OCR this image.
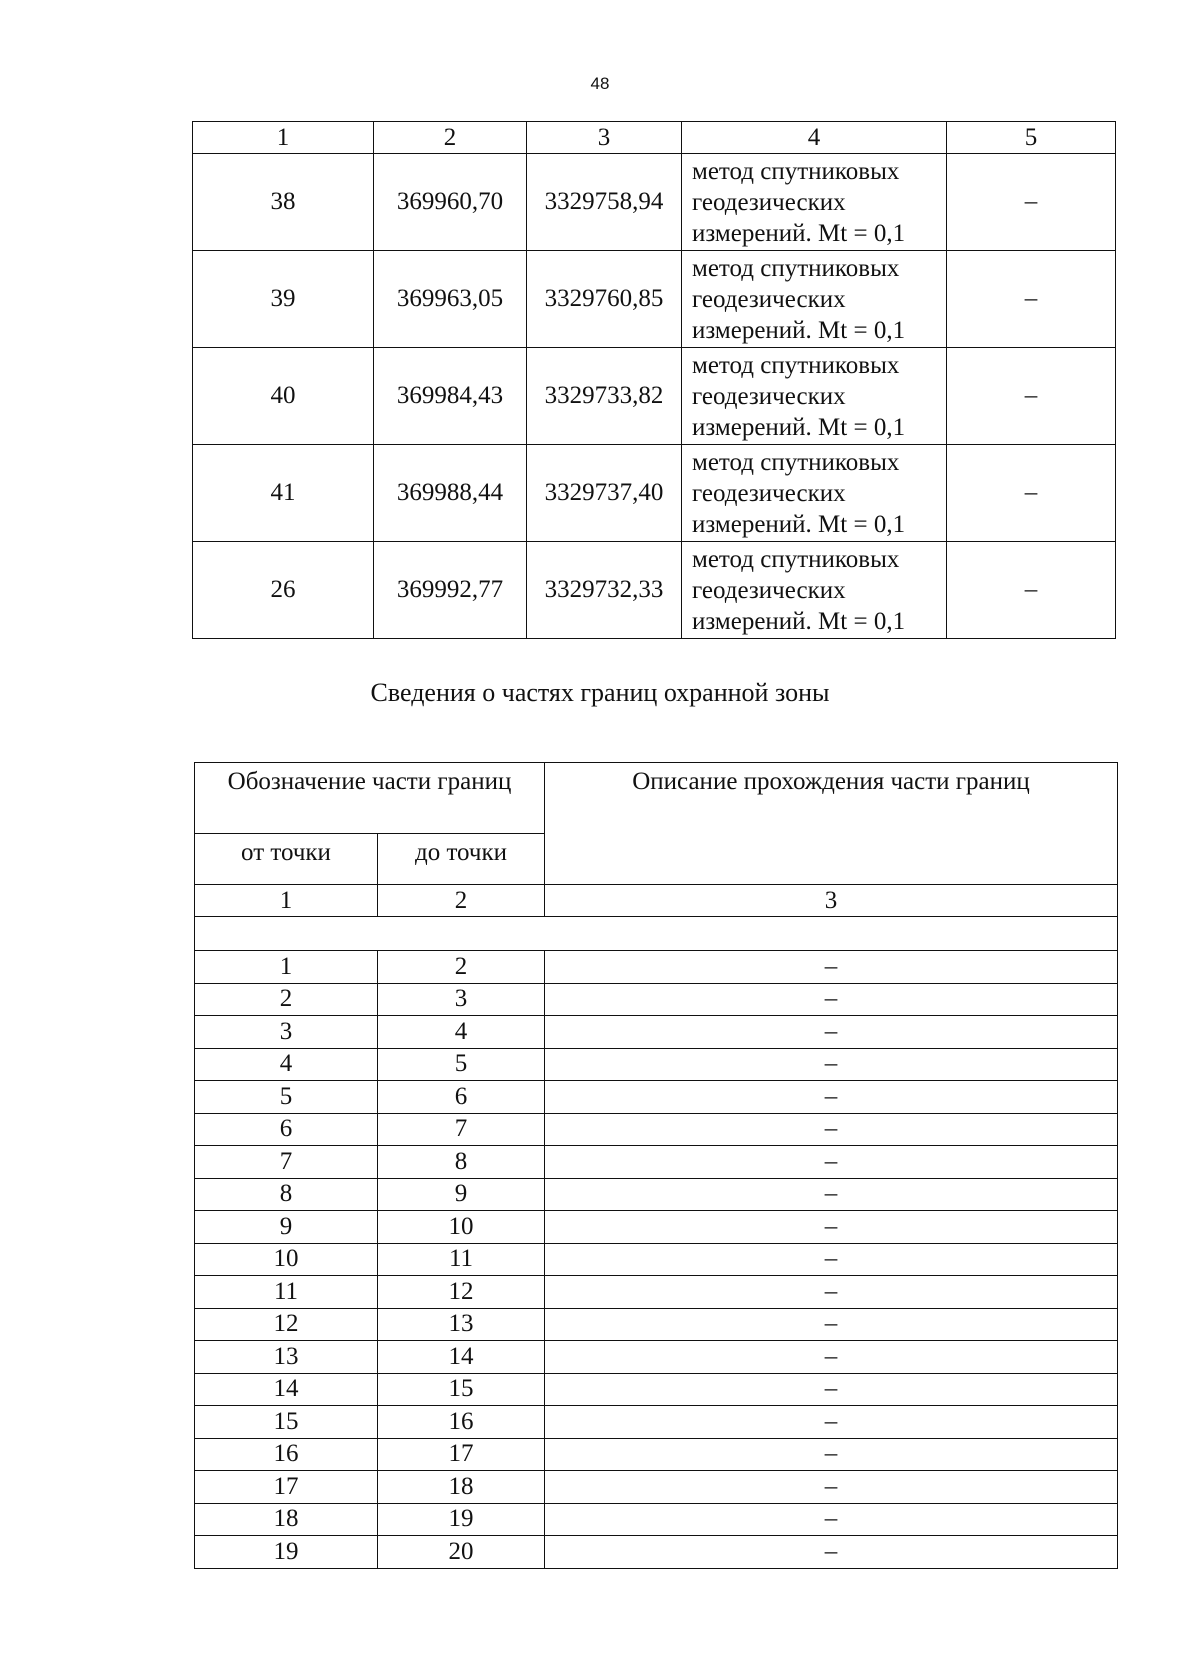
48
1	2	3	4	5
38	369960,70	3329758,94	метод спутниковых
геодезических
измерений. Mt = 0,1	–
39	369963,05	3329760,85	метод спутниковых
геодезических
измерений. Mt = 0,1	–
40	369984,43	3329733,82	метод спутниковых
геодезических
измерений. Mt = 0,1	–
41	369988,44	3329737,40	метод спутниковых
геодезических
измерений. Mt = 0,1	–
26	369992,77	3329732,33	метод спутниковых
геодезических
измерений. Mt = 0,1	–
Сведения о частях границ охранной зоны
Обозначение части границ		Описание прохождения части границ
от точки	до точки	
1	2	3

1	2	–
2	3	–
3	4	–
4	5	–
5	6	–
6	7	–
7	8	–
8	9	–
9	10	–
10	11	–
11	12	–
12	13	–
13	14	–
14	15	–
15	16	–
16	17	–
17	18	–
18	19	–
19	20	–
